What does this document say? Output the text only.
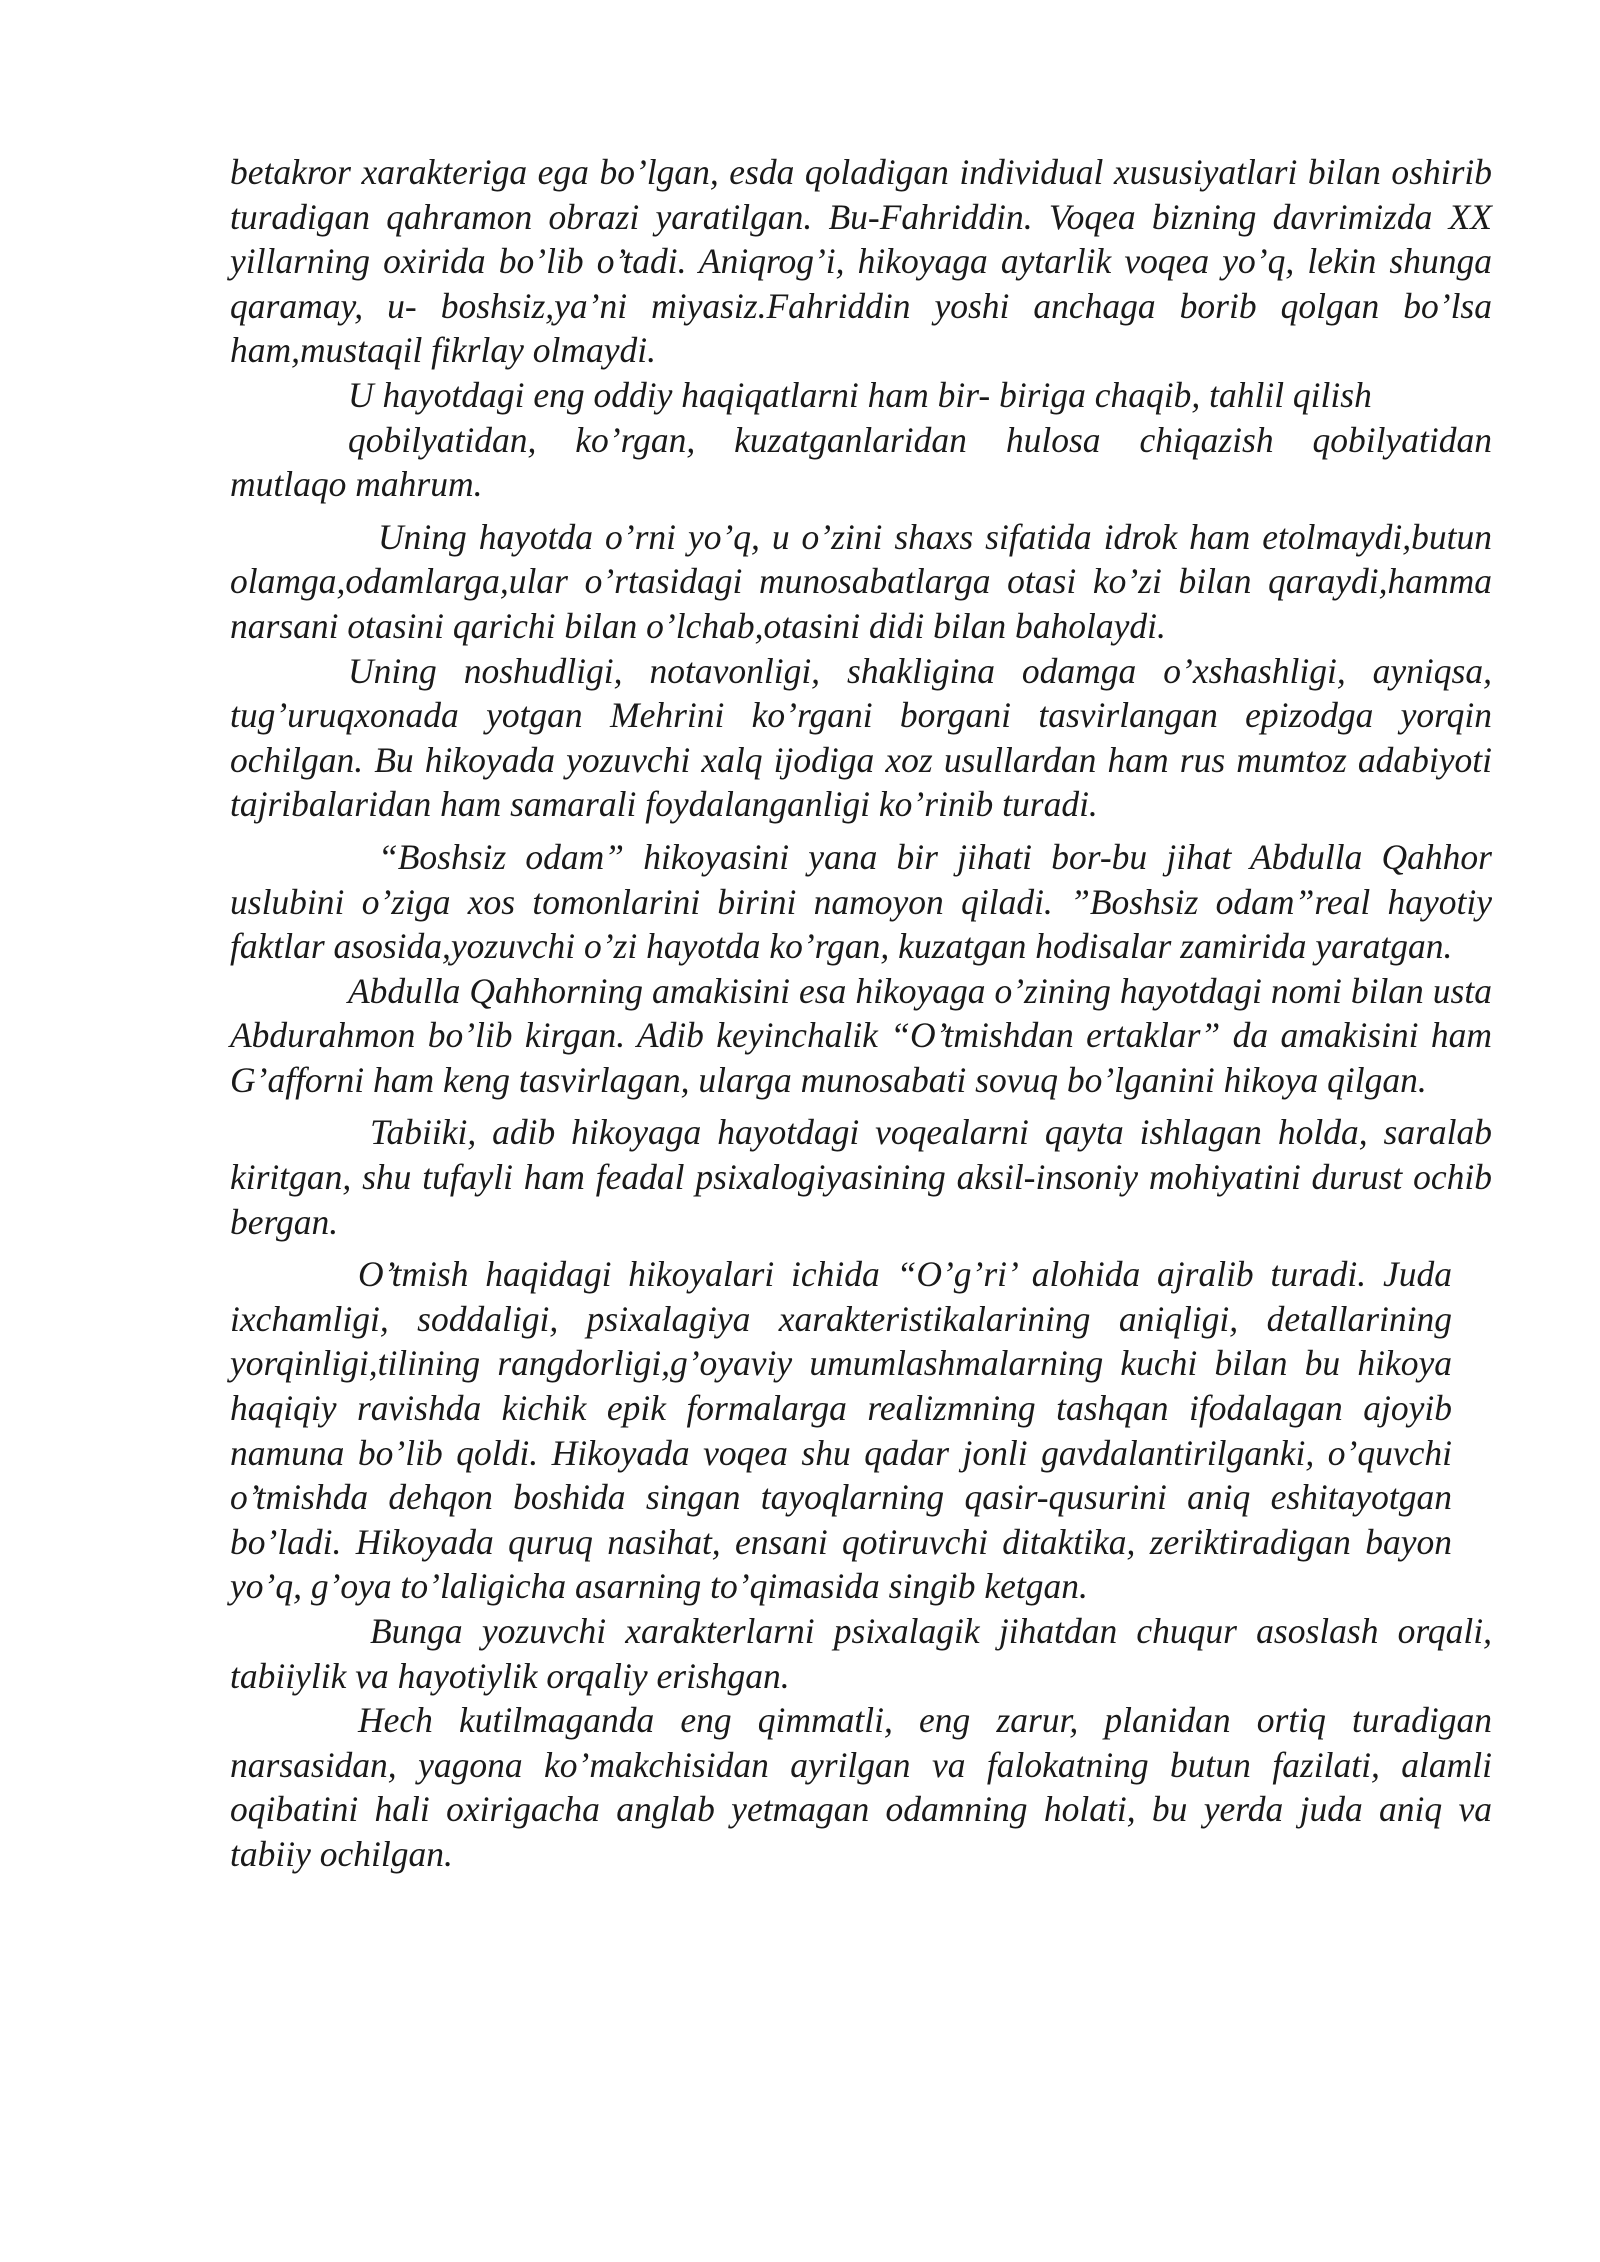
betakror xarakteriga ega bo’lgan, esda qoladigan individual xususiyatlari bilan oshirib turadigan qahramon obrazi yaratilgan. Bu-Fahriddin. Voqea bizning davrimizda XX yillarning oxirida bo’lib o’tadi. Aniqrog’i, hikoyaga aytarlik voqea yo’q, lekin shunga qaramay, u- boshsiz,ya’ni miyasiz.Fahriddin yoshi anchaga borib qolgan bo’lsa ham,mustaqil fikrlay olmaydi.

U hayotdagi eng oddiy haqiqatlarni ham bir- biriga chaqib, tahlil qilish
qobilyatidan, ko’rgan, kuzatganlaridan hulosa chiqazish qobilyatidan
mutlaqo mahrum.

Uning hayotda o’rni yo’q, u o’zini shaxs sifatida idrok ham etolmaydi,butun olamga,odamlarga,ular o’rtasidagi munosabatlarga otasi ko’zi bilan qaraydi,hamma narsani otasini qarichi bilan o’lchab,otasini didi bilan baholaydi.

Uning noshudligi, notavonligi, shakligina odamga o’xshashligi, ayniqsa, tug’uruqxonada yotgan Mehrini ko’rgani borgani tasvirlangan epizodga yorqin ochilgan. Bu hikoyada yozuvchi xalq ijodiga xoz usullardan ham rus mumtoz adabiyoti tajribalaridan ham samarali foydalanganligi ko’rinib turadi.

“Boshsiz odam” hikoyasini yana bir jihati bor-bu jihat Abdulla Qahhor uslubini o’ziga xos tomonlarini birini namoyon qiladi. ”Boshsiz odam”real hayotiy faktlar asosida,yozuvchi o’zi hayotda ko’rgan, kuzatgan hodisalar zamirida yaratgan.

Abdulla Qahhorning amakisini esa hikoyaga o’zining hayotdagi nomi bilan usta Abdurahmon bo’lib kirgan. Adib keyinchalik “O’tmishdan ertaklar” da amakisini ham G’afforni ham keng tasvirlagan, ularga munosabati sovuq bo’lganini hikoya qilgan.

Tabiiki, adib hikoyaga hayotdagi voqealarni qayta ishlagan holda, saralab kiritgan, shu tufayli ham feadal psixalogiyasining aksil-insoniy mohiyatini durust ochib bergan.

O’tmish haqidagi hikoyalari ichida “O’g’ri’ alohida ajralib turadi. Juda ixchamligi, soddaligi, psixalagiya xarakteristikalarining aniqligi, detallarining yorqinligi,tilining rangdorligi,g’oyaviy umumlashmalarning kuchi bilan bu hikoya haqiqiy ravishda kichik epik formalarga realizmning tashqan ifodalagan ajoyib namuna bo’lib qoldi. Hikoyada voqea shu qadar jonli gavdalantirilganki, o’quvchi o’tmishda dehqon boshida singan tayoqlarning qasir-qusurini aniq eshitayotgan bo’ladi. Hikoyada quruq nasihat, ensani qotiruvchi ditaktika, zeriktiradigan bayon yo’q, g’oya to’laligicha asarning to’qimasida singib ketgan.

Bunga yozuvchi xarakterlarni psixalagik jihatdan chuqur asoslash orqali, tabiiylik va hayotiylik orqaliy erishgan.

Hech kutilmaganda eng qimmatli, eng zarur, planidan ortiq turadigan narsasidan, yagona ko’makchisidan ayrilgan va falokatning butun fazilati, alamli oqibatini hali oxirigacha anglab yetmagan odamning holati, bu yerda juda aniq va tabiiy ochilgan.
